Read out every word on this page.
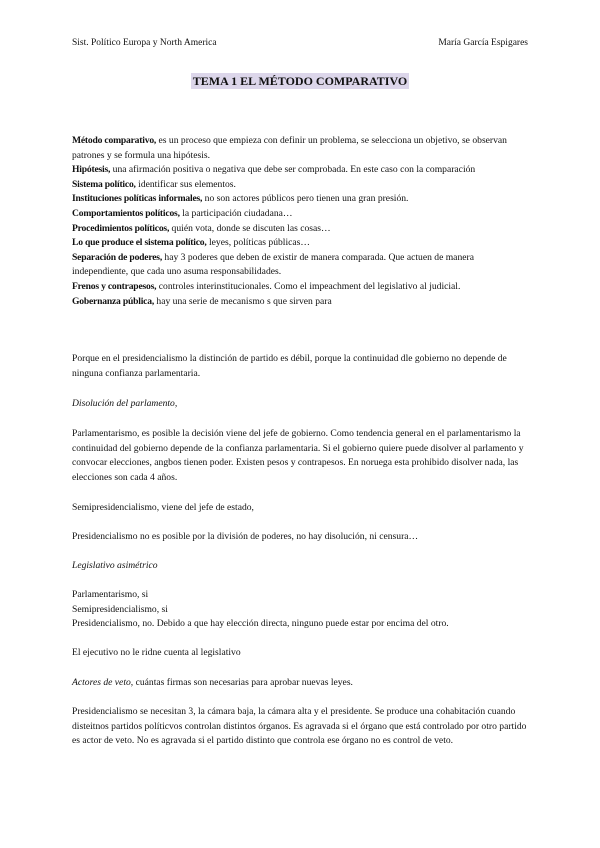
Sist. Político Europa y North America	María García Espigares
TEMA 1 EL MÉTODO COMPARATIVO

Método comparativo, es un proceso que empieza con definir un problema, se selecciona un objetivo, se observan patrones y se formula una hipótesis.

Hipótesis, una afirmación positiva o negativa que debe ser comprobada. En este caso con la comparación

Sistema político, identificar sus elementos.

Instituciones políticas informales, no son actores públicos pero tienen una gran presión.

Comportamientos políticos, la participación ciudadana…

Procedimientos políticos, quién vota, donde se discuten las cosas…

Lo que produce el sistema político, leyes, políticas públicas…

Separación de poderes, hay 3 poderes que deben de existir de manera comparada. Que actuen de manera independiente, que cada uno asuma responsabilidades.

Frenos y contrapesos, controles interinstitucionales. Como el impeachment del legislativo al judicial.

Gobernanza pública, hay una serie de mecanismo s que sirven para

Porque en el presidencialismo la distinción de partido es débil, porque la continuidad dle gobierno no depende de ninguna confianza parlamentaria.

Disolución del parlamento,

Parlamentarismo, es posible la decisión viene del jefe de gobierno. Como tendencia general en el parlamentarismo la continuidad del gobierno depende de la confianza parlamentaria. Si el gobierno quiere puede disolver al parlamento y convocar elecciones, angbos tienen poder. Existen pesos y contrapesos. En noruega esta prohibido disolver nada, las elecciones son cada 4 años.

Semipresidencialismo, viene del jefe de estado,

Presidencialismo no es posible por la división de poderes, no hay disolución, ni censura…

Legislativo asimétrico

Parlamentarismo, si

Semipresidencialismo, si

Presidencialismo, no. Debido a que hay elección directa, ninguno puede estar por encima del otro.

El ejecutivo no le ridne cuenta al legislativo

Actores de veto, cuántas firmas son necesarias para aprobar nuevas leyes.

Presidencialismo se necesitan 3, la cámara baja, la cámara alta y el presidente. Se produce una cohabitación cuando disteitnos partidos políticvos controlan distintos órganos. Es agravada si el órgano que está controlado por otro partido es actor de veto. No es agravada si el partido distinto que controla ese órgano no es control de veto.
